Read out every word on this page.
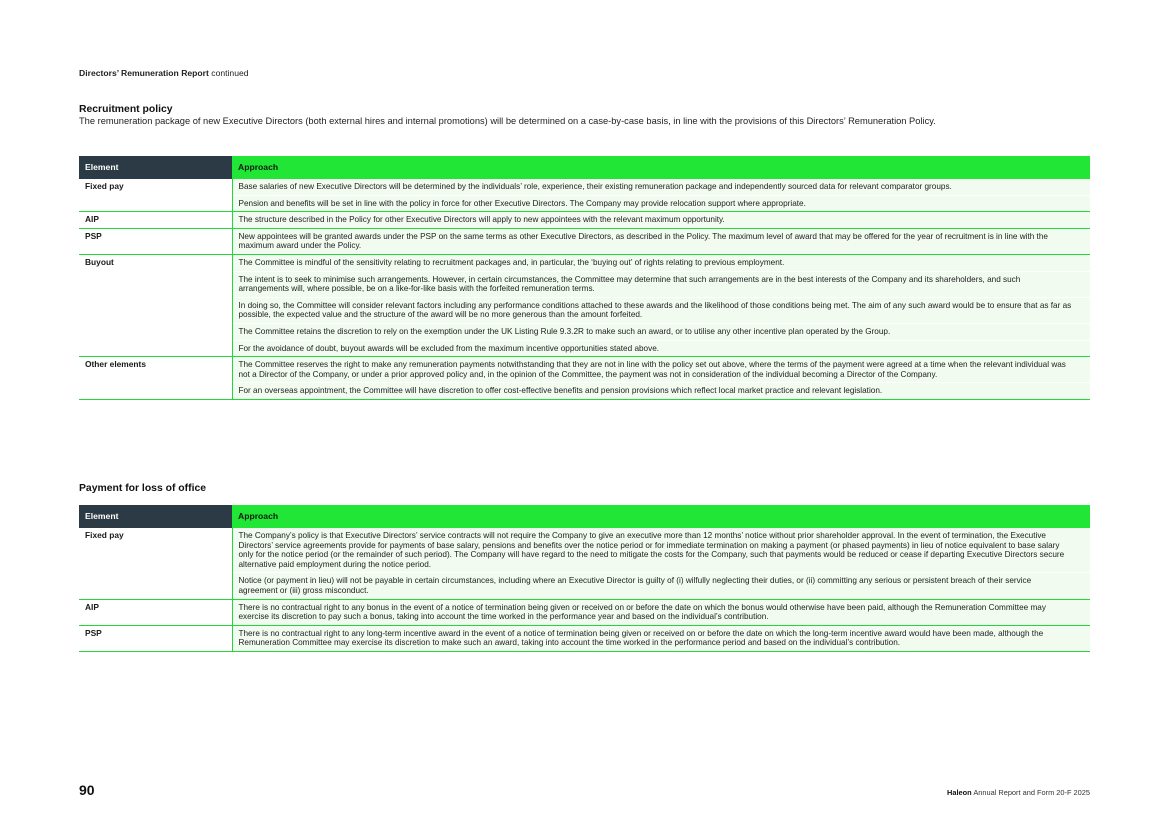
Directors’ Remuneration Report continued
Recruitment policy
The remuneration package of new Executive Directors (both external hires and internal promotions) will be determined on a case-by-case basis, in line with the provisions of this Directors’ Remuneration Policy.
Element	Approach
Fixed pay	Base salaries of new Executive Directors will be determined by the individuals’ role, experience, their existing remuneration package and independently sourced data for relevant comparator groups.
Pension and benefits will be set in line with the policy in force for other Executive Directors. The Company may provide relocation support where appropriate.

AIP	The structure described in the Policy for other Executive Directors will apply to new appointees with the relevant maximum opportunity.

PSP	New appointees will be granted awards under the PSP on the same terms as other Executive Directors, as described in the Policy. The maximum level of award that may be offered for the year of recruitment is in line with the maximum award under the Policy.

Buyout	The Committee is mindful of the sensitivity relating to recruitment packages and, in particular, the ‘buying out’ of rights relating to previous employment.
The intent is to seek to minimise such arrangements. However, in certain circumstances, the Committee may determine that such arrangements are in the best interests of the Company and its shareholders, and such arrangements will, where possible, be on a like-for-like basis with the forfeited remuneration terms.
In doing so, the Committee will consider relevant factors including any performance conditions attached to these awards and the likelihood of those conditions being met. The aim of any such award would be to ensure that as far as possible, the expected value and the structure of the award will be no more generous than the amount forfeited.
The Committee retains the discretion to rely on the exemption under the UK Listing Rule 9.3.2R to make such an award, or to utilise any other incentive plan operated by the Group.
For the avoidance of doubt, buyout awards will be excluded from the maximum incentive opportunities stated above.

Other elements	The Committee reserves the right to make any remuneration payments notwithstanding that they are not in line with the policy set out above, where the terms of the payment were agreed at a time when the relevant individual was not a Director of the Company, or under a prior approved policy and, in the opinion of the Committee, the payment was not in consideration of the individual becoming a Director of the Company.
For an overseas appointment, the Committee will have discretion to offer cost-effective benefits and pension provisions which reflect local market practice and relevant legislation.
Payment for loss of office
Element	Approach
Fixed pay	The Company’s policy is that Executive Directors’ service contracts will not require the Company to give an executive more than 12 months’ notice without prior shareholder approval. In the event of termination, the Executive Directors’ service agreements provide for payments of base salary, pensions and benefits over the notice period or for immediate termination on making a payment (or phased payments) in lieu of notice equivalent to base salary only for the notice period (or the remainder of such period). The Company will have regard to the need to mitigate the costs for the Company, such that payments would be reduced or cease if departing Executive Directors secure alternative paid employment during the notice period.
Notice (or payment in lieu) will not be payable in certain circumstances, including where an Executive Director is guilty of (i) wilfully neglecting their duties, or (ii) committing any serious or persistent breach of their service agreement or (iii) gross misconduct.

AIP	There is no contractual right to any bonus in the event of a notice of termination being given or received on or before the date on which the bonus would otherwise have been paid, although the Remuneration Committee may exercise its discretion to pay such a bonus, taking into account the time worked in the performance year and based on the individual’s contribution.

PSP	There is no contractual right to any long-term incentive award in the event of a notice of termination being given or received on or before the date on which the long-term incentive award would have been made, although the Remuneration Committee may exercise its discretion to make such an award, taking into account the time worked in the performance period and based on the individual’s contribution.
90	Haleon Annual Report and Form 20-F 2025
